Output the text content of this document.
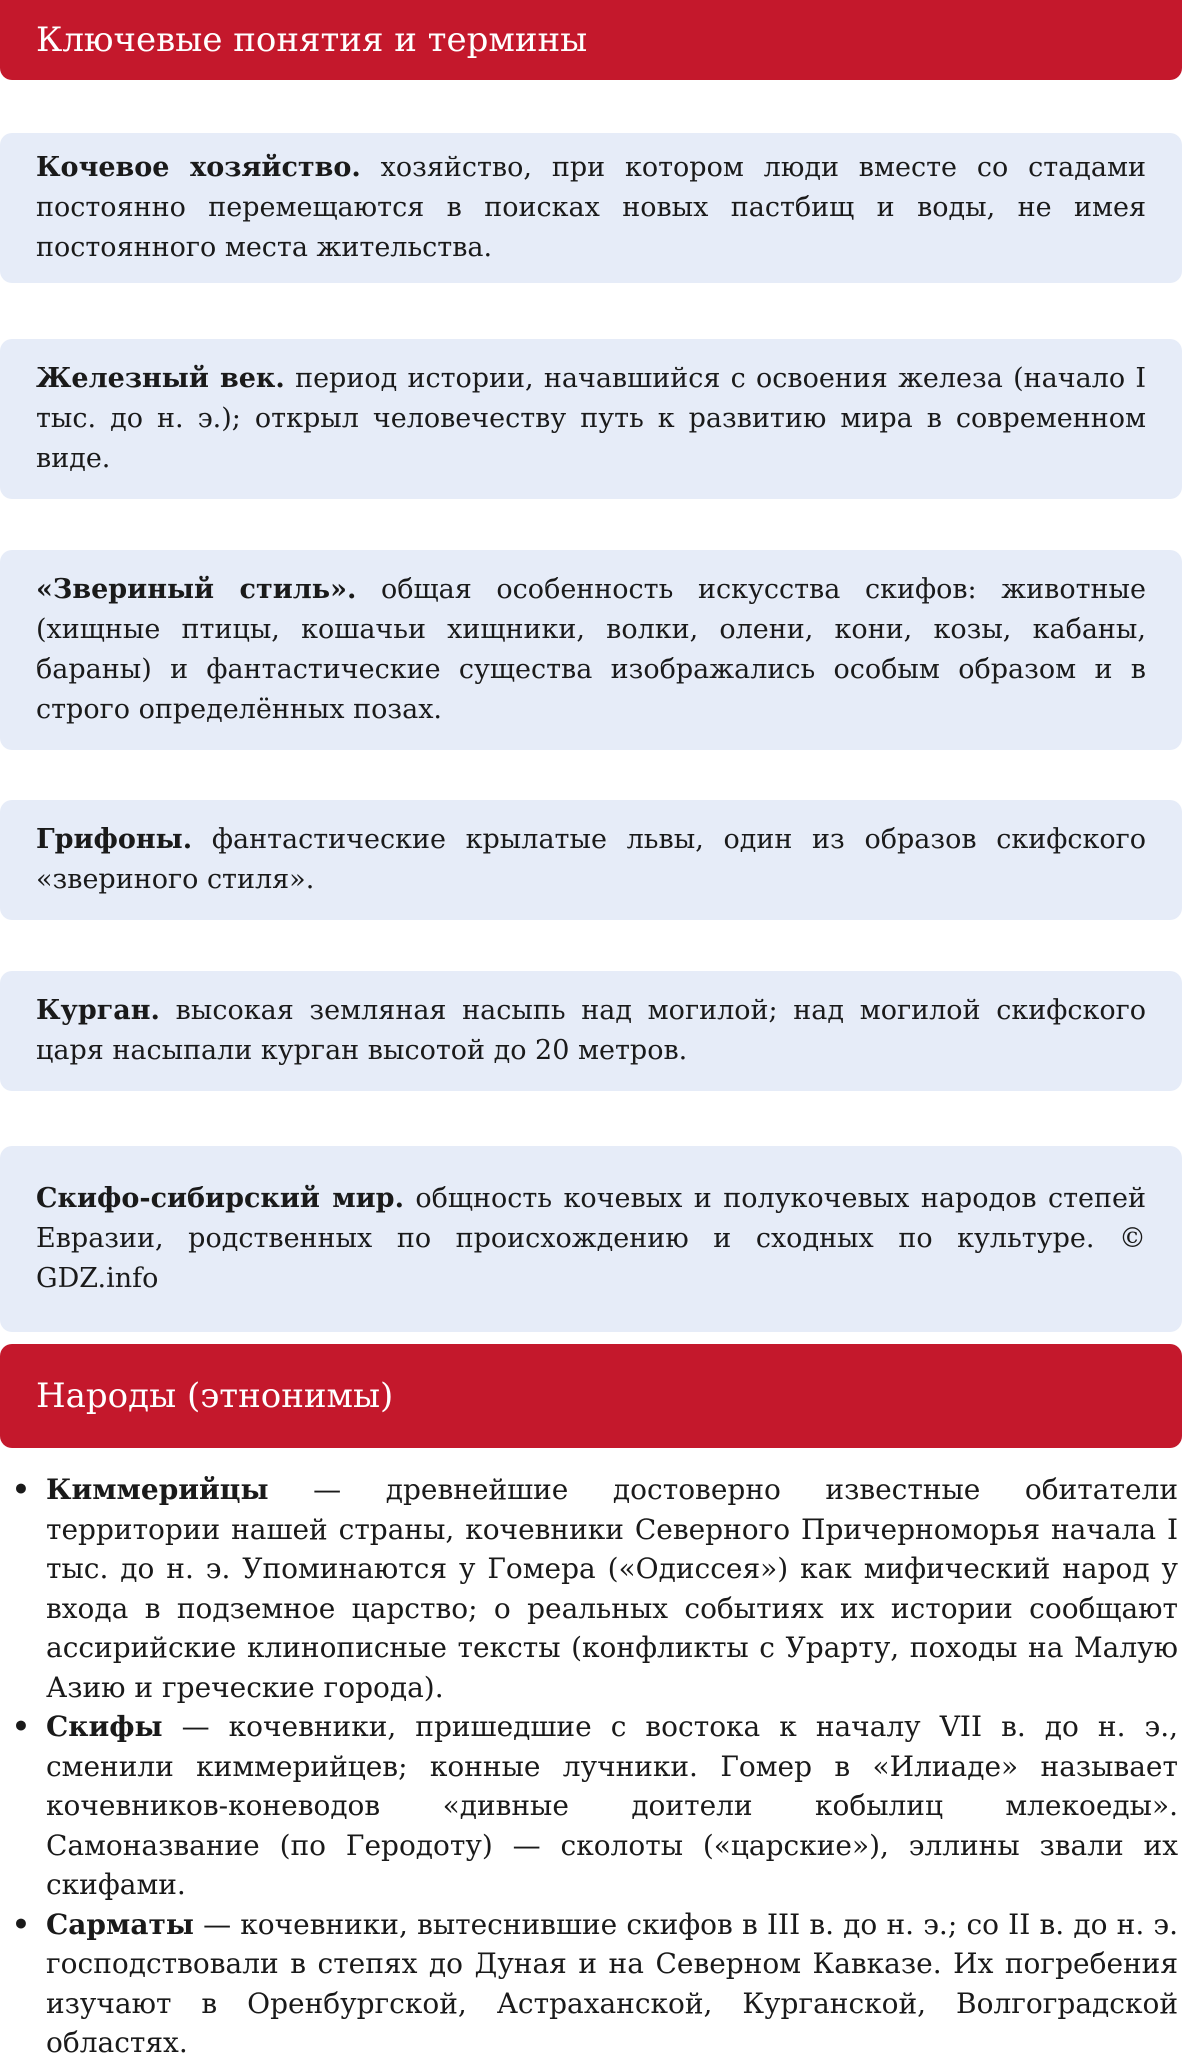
Ключевые понятия и термины

Кочевое хозяйство. хозяйство, при котором люди вместе со стадами постоянно перемещаются в поисках новых пастбищ и воды, не имея постоянного места жительства.

Железный век. период истории, начавшийся с освоения железа (начало I тыс. до н. э.); открыл человечеству путь к развитию мира в современном виде.

«Звериный стиль». общая особенность искусства скифов: животные (хищные птицы, кошачьи хищники, волки, олени, кони, козы, кабаны, бараны) и фантастические существа изображались особым образом и в строго определённых позах.

Грифоны. фантастические крылатые львы, один из образов скифского «звериного стиля».

Курган. высокая земляная насыпь над могилой; над могилой скифского царя насыпали курган высотой до 20 метров.

Скифо-сибирский мир. общность кочевых и полукочевых народов степей Евразии, родственных по происхождению и сходных по культуре. © GDZ.info

Народы (этнонимы)
• Киммерийцы — древнейшие достоверно известные обитатели территории нашей страны, кочевники Северного Причерноморья начала I тыс. до н. э. Упоминаются у Гомера («Одиссея») как мифический народ у входа в подземное царство; о реальных событиях их истории сообщают ассирийские клинописные тексты (конфликты с Урарту, походы на Малую Азию и греческие города).
• Скифы — кочевники, пришедшие с востока к началу VII в. до н. э., сменили киммерийцев; конные лучники. Гомер в «Илиаде» называет кочевников-коневодов «дивные доители кобылиц млекоеды». Самоназвание (по Геродоту) — сколоты («царские»), эллины звали их скифами.
• Сарматы — кочевники, вытеснившие скифов в III в. до н. э.; со II в. до н. э. господствовали в степях до Дуная и на Северном Кавказе. Их погребения изучают в Оренбургской, Астраханской, Курганской, Волгоградской областях.
